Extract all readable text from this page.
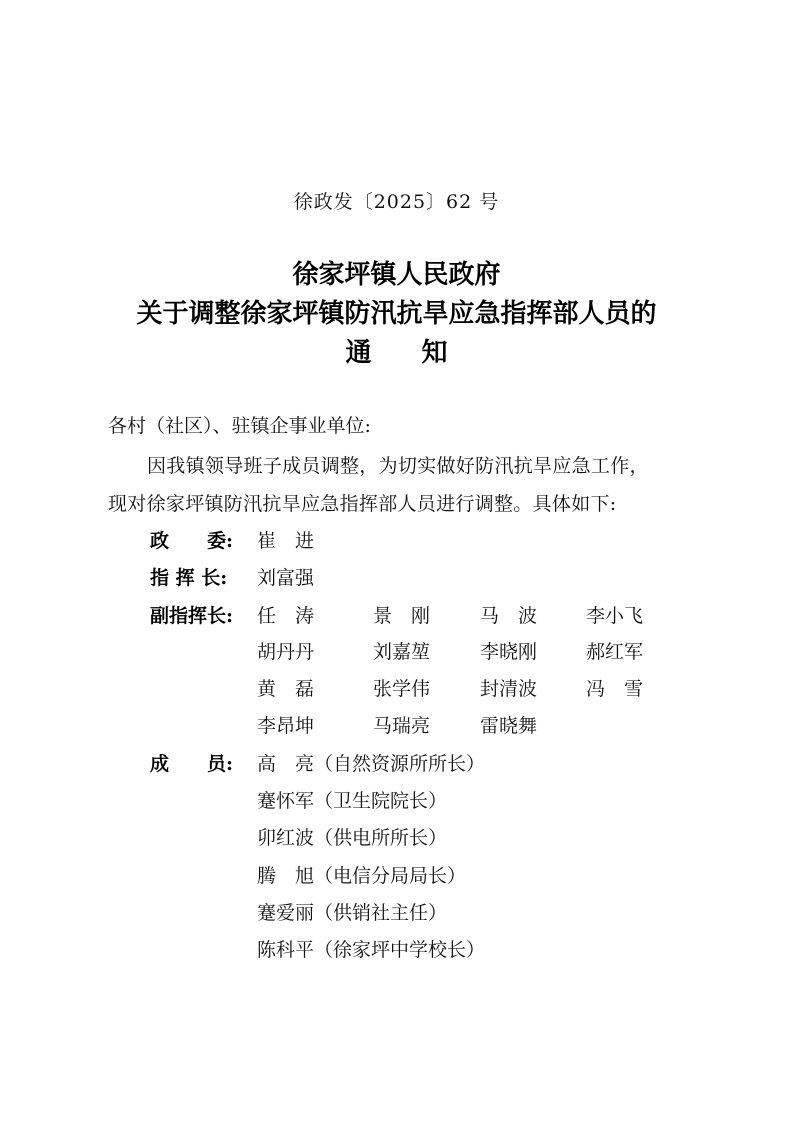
徐政发〔2025〕62 号
徐家坪镇人民政府
关于调整徐家坪镇防汛抗旱应急指挥部人员的
通知
各村（社区）、驻镇企事业单位:
因我镇领导班子成员调整，为切实做好防汛抗旱应急工作，
现对徐家坪镇防汛抗旱应急指挥部人员进行调整。具体如下:
政　　委: 崔　进
指 挥 长: 刘富强
副指挥长: 任　涛	景　刚	马　波	李小飞
胡丹丹	刘嘉堃	李晓刚	郝红军
黄　磊	张学伟	封清波	冯　雪
李昂坤	马瑞亮	雷晓舞
成　　员: 高　亮（自然资源所所长）
蹇怀军（卫生院院长）
卯红波（供电所所长）
腾　旭（电信分局局长）
蹇爱丽（供销社主任）
陈科平（徐家坪中学校长）
